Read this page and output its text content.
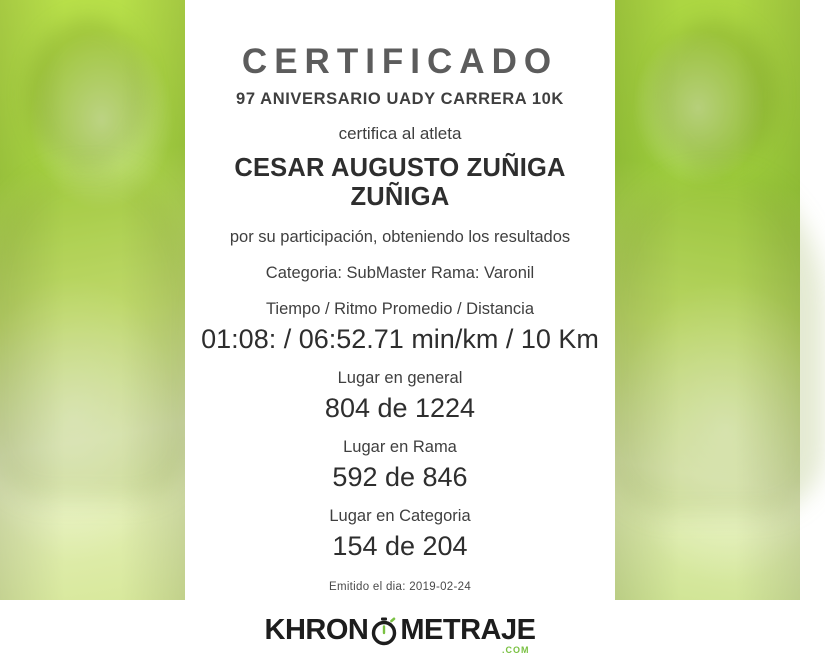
CERTIFICADO
97 ANIVERSARIO UADY CARRERA 10K
certifica al atleta
CESAR AUGUSTO ZUÑIGA ZUÑIGA
por su participación, obteniendo los resultados
Categoria: SubMaster Rama: Varonil
Tiempo / Ritmo Promedio / Distancia
01:08: / 06:52.71 min/km / 10 Km
Lugar en general
804 de 1224
Lugar en Rama
592 de 846
Lugar en Categoria
154 de 204
Emitido el dia: 2019-02-24
KHRON METRAJE
.COM
